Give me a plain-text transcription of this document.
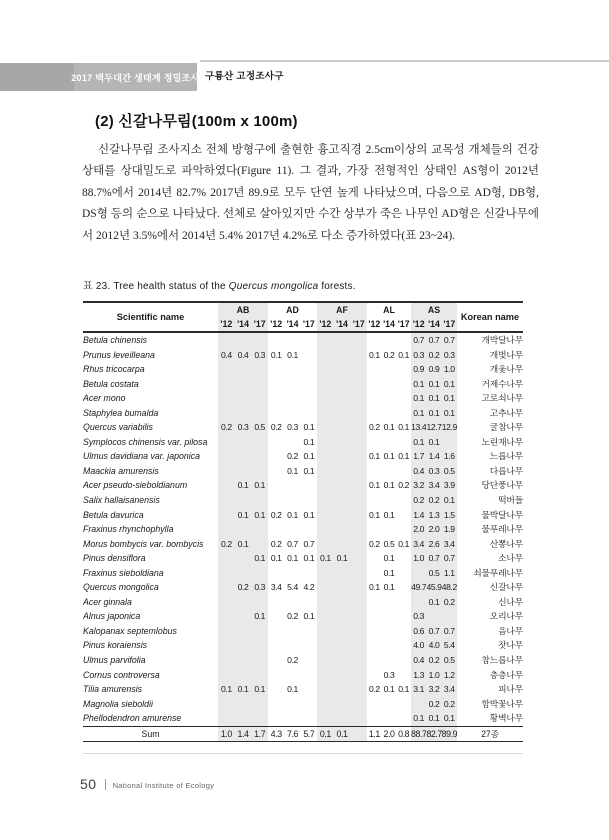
2017 백두대간 생태계 정밀조사 구룡산 고정조사구
(2) 신갈나무림(100m x 100m)

신갈나무림 조사지소 전체 방형구에 출현한 흉고직경 2.5cm이상의 교목성 개체들의 건강상태를 상대밀도로 파악하였다(Figure 11). 그 결과, 가장 전형적인 상태인 AS형이 2012년 88.7%에서 2014년 82.7% 2017년 89.9로 모두 단연 높게 나타났으며, 다음으로 AD형, DB형, DS형 등의 순으로 나타났다. 선체로 살아있지만 수간 상부가 죽은 나무인 AD형은 신갈나무에서 2012년 3.5%에서 2014년 5.4% 2017년 4.2%로 다소 증가하였다(표 23~24).

표 23. Tree health status of the Quercus mongolica forests.
Scientific name	AB			AD			AF			AL			AS			Korean name
	'12	'14	'17	'12	'14	'17	'12	'14	'17	'12	'14	'17	'12	'14	'17	
Betula chinensis													0.7	0.7	0.7	개박달나무
Prunus leveilleana	0.4	0.4	0.3	0.1	0.1					0.1	0.2	0.1	0.3	0.2	0.3	개벚나무
Rhus tricocarpa													0.9	0.9	1.0	개옻나무
Betula costata													0.1	0.1	0.1	거제수나무
Acer mono													0.1	0.1	0.1	고로쇠나무
Staphylea bumalda													0.1	0.1	0.1	고추나무
Quercus variabilis	0.2	0.3	0.5	0.2	0.3	0.1				0.2	0.1	0.1	13.4	12.7	12.9	굴참나무
Symplocos chinensis var. pilosa						0.1							0.1	0.1		노린재나무
Ulmus davidiana var. japonica					0.2	0.1				0.1	0.1	0.1	1.7	1.4	1.6	느릅나무
Maackia amurensis					0.1	0.1							0.4	0.3	0.5	다릅나무
Acer pseudo-sieboldianum		0.1	0.1							0.1	0.1	0.2	3.2	3.4	3.9	당단풍나무
Salix hallaisanensis													0.2	0.2	0.1	떡버들
Betula davurica		0.1	0.1	0.2	0.1	0.1				0.1	0.1		1.4	1.3	1.5	물박달나무
Fraxinus rhynchophylla													2.0	2.0	1.9	물푸레나무
Morus bombycis var. bombycis	0.2	0.1		0.2	0.7	0.7				0.2	0.5	0.1	3.4	2.6	3.4	산뽕나무
Pinus densiflora			0.1	0.1	0.1	0.1	0.1	0.1			0.1		1.0	0.7	0.7	소나무
Fraxinus sieboldiana											0.1			0.5	1.1	쇠물푸레나무
Quercus mongolica		0.2	0.3	3.4	5.4	4.2				0.1	0.1		49.7	45.9	48.2	신갈나무
Acer ginnala														0.1	0.2	신나무
Alnus japonica			0.1		0.2	0.1							0.3			오리나무
Kalopanax septemlobus													0.6	0.7	0.7	음나무
Pinus koraiensis													4.0	4.0	5.4	잣나무
Ulmus parvifolia					0.2								0.4	0.2	0.5	참느릅나무
Cornus controversa											0.3		1.3	1.0	1.2	층층나무
Tilia amurensis	0.1	0.1	0.1		0.1					0.2	0.1	0.1	3.1	3.2	3.4	피나무
Magnolia sieboldii														0.2	0.2	함박꽃나무
Phellodendron amurense													0.1	0.1	0.1	황벽나무
Sum	1.0	1.4	1.7	4.3	7.6	5.7	0.1	0.1		1.1	2.0	0.8	88.7	82.7	89.9	27종
50 National Institute of Ecology
